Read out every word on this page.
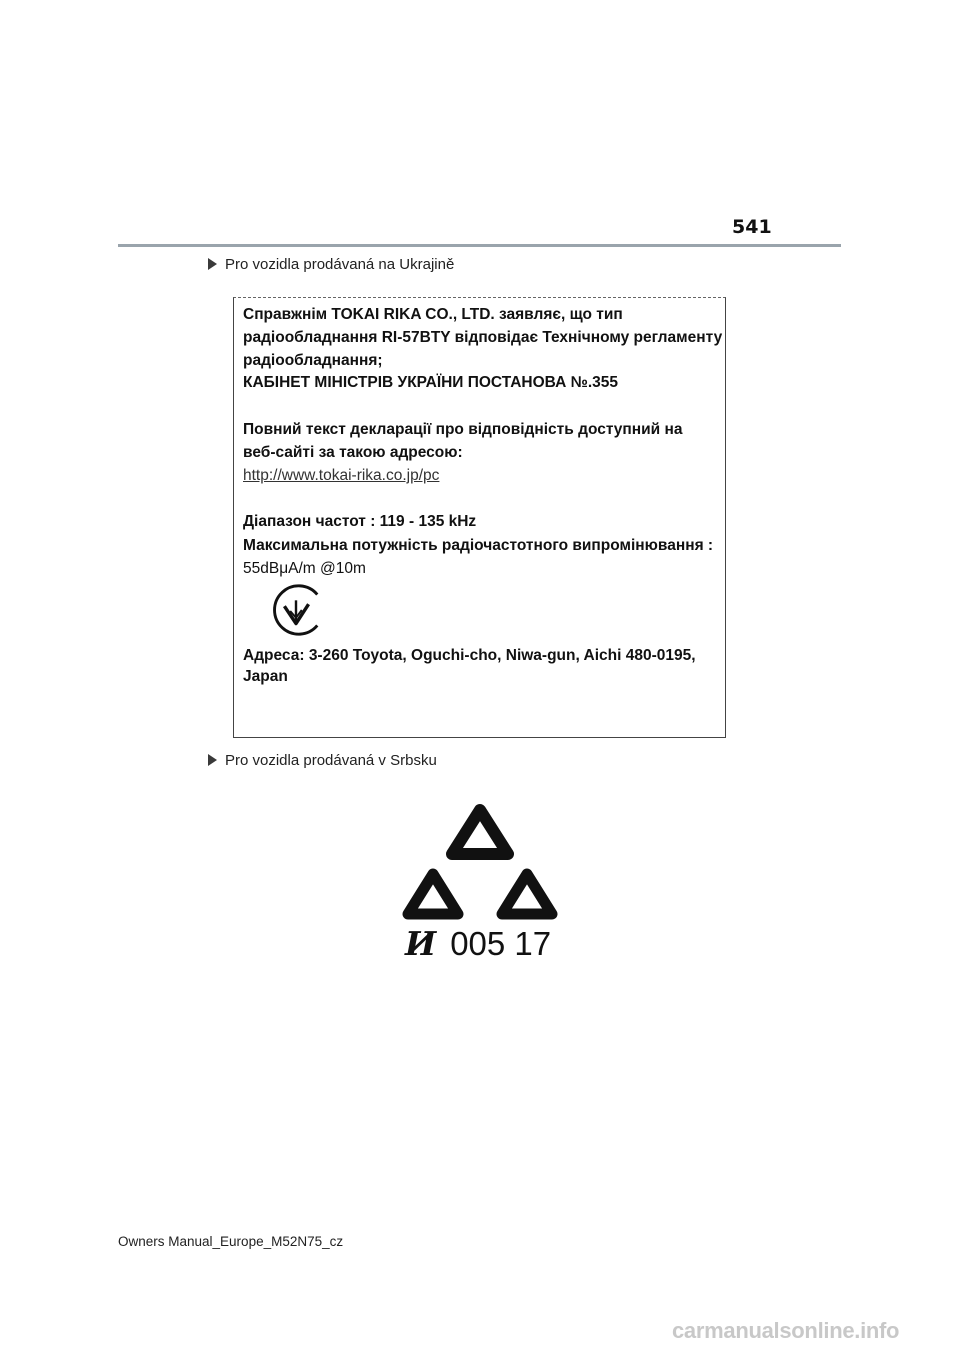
541
Pro vozidla prodávaná na Ukrajině
Справжнім TOKAI RIKA CO., LTD. заявляє, що тип
радіообладнання RI-57BTY відповідає Технічному регламенту
радіообладнання;
КАБІНЕТ МІНІСТРІВ УКРАЇНИ ПОСТАНОВА №.355
Повний текст декларації про відповідність доступний на
веб-сайті за такою адресою:
http://www.tokai-rika.co.jp/pc
Діапазон частот : 119 - 135 kHz
Максимальна потужність радіочастотного випромінювання :
55dBμA/m @10m
Адреса: 3-260 Toyota, Oguchi-cho, Niwa-gun, Aichi 480-0195,
Japan
Pro vozidla prodávaná v Srbsku
И 005 17
Owners Manual_Europe_M52N75_cz
carmanualsonline.info
